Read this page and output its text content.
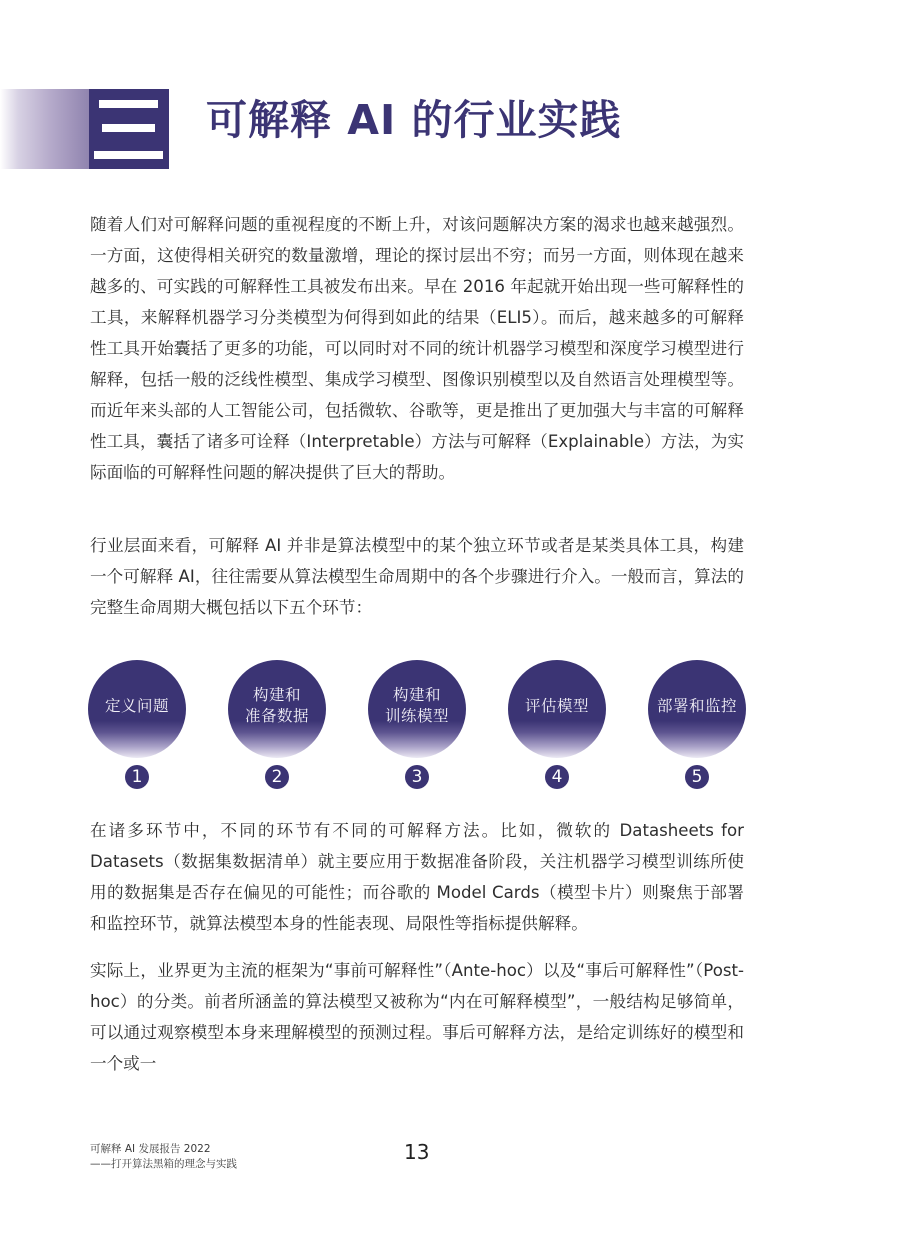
可解释 AI 的行业实践

随着人们对可解释问题的重视程度的不断上升，对该问题解决方案的渴求也越来越强烈。一方面，这使得相关研究的数量激增，理论的探讨层出不穷；而另一方面，则体现在越来越多的、可实践的可解释性工具被发布出来。早在 2016 年起就开始出现一些可解释性的工具，来解释机器学习分类模型为何得到如此的结果（ELI5）。而后，越来越多的可解释性工具开始囊括了更多的功能，可以同时对不同的统计机器学习模型和深度学习模型进行解释，包括一般的泛线性模型、集成学习模型、图像识别模型以及自然语言处理模型等。而近年来头部的人工智能公司，包括微软、谷歌等，更是推出了更加强大与丰富的可解释性工具，囊括了诸多可诠释（Interpretable）方法与可解释（Explainable）方法，为实际面临的可解释性问题的解决提供了巨大的帮助。

行业层面来看，可解释 AI 并非是算法模型中的某个独立环节或者是某类具体工具，构建一个可解释 AI，往往需要从算法模型生命周期中的各个步骤进行介入。一般而言，算法的完整生命周期大概包括以下五个环节：

定义问题
1
构建和
准备数据
2
构建和
训练模型
3
评估模型
4
部署和监控
5

在诸多环节中，不同的环节有不同的可解释方法。比如，微软的 Datasheets for Datasets（数据集数据清单）就主要应用于数据准备阶段，关注机器学习模型训练所使用的数据集是否存在偏见的可能性；而谷歌的 Model Cards（模型卡片）则聚焦于部署和监控环节，就算法模型本身的性能表现、局限性等指标提供解释。

实际上，业界更为主流的框架为“事前可解释性”（Ante-hoc）以及“事后可解释性”（Post-hoc）的分类。前者所涵盖的算法模型又被称为“内在可解释模型”，一般结构足够简单，可以通过观察模型本身来理解模型的预测过程。事后可解释方法，是给定训练好的模型和一个或一

可解释 AI 发展报告 2022
——打开算法黑箱的理念与实践	13
